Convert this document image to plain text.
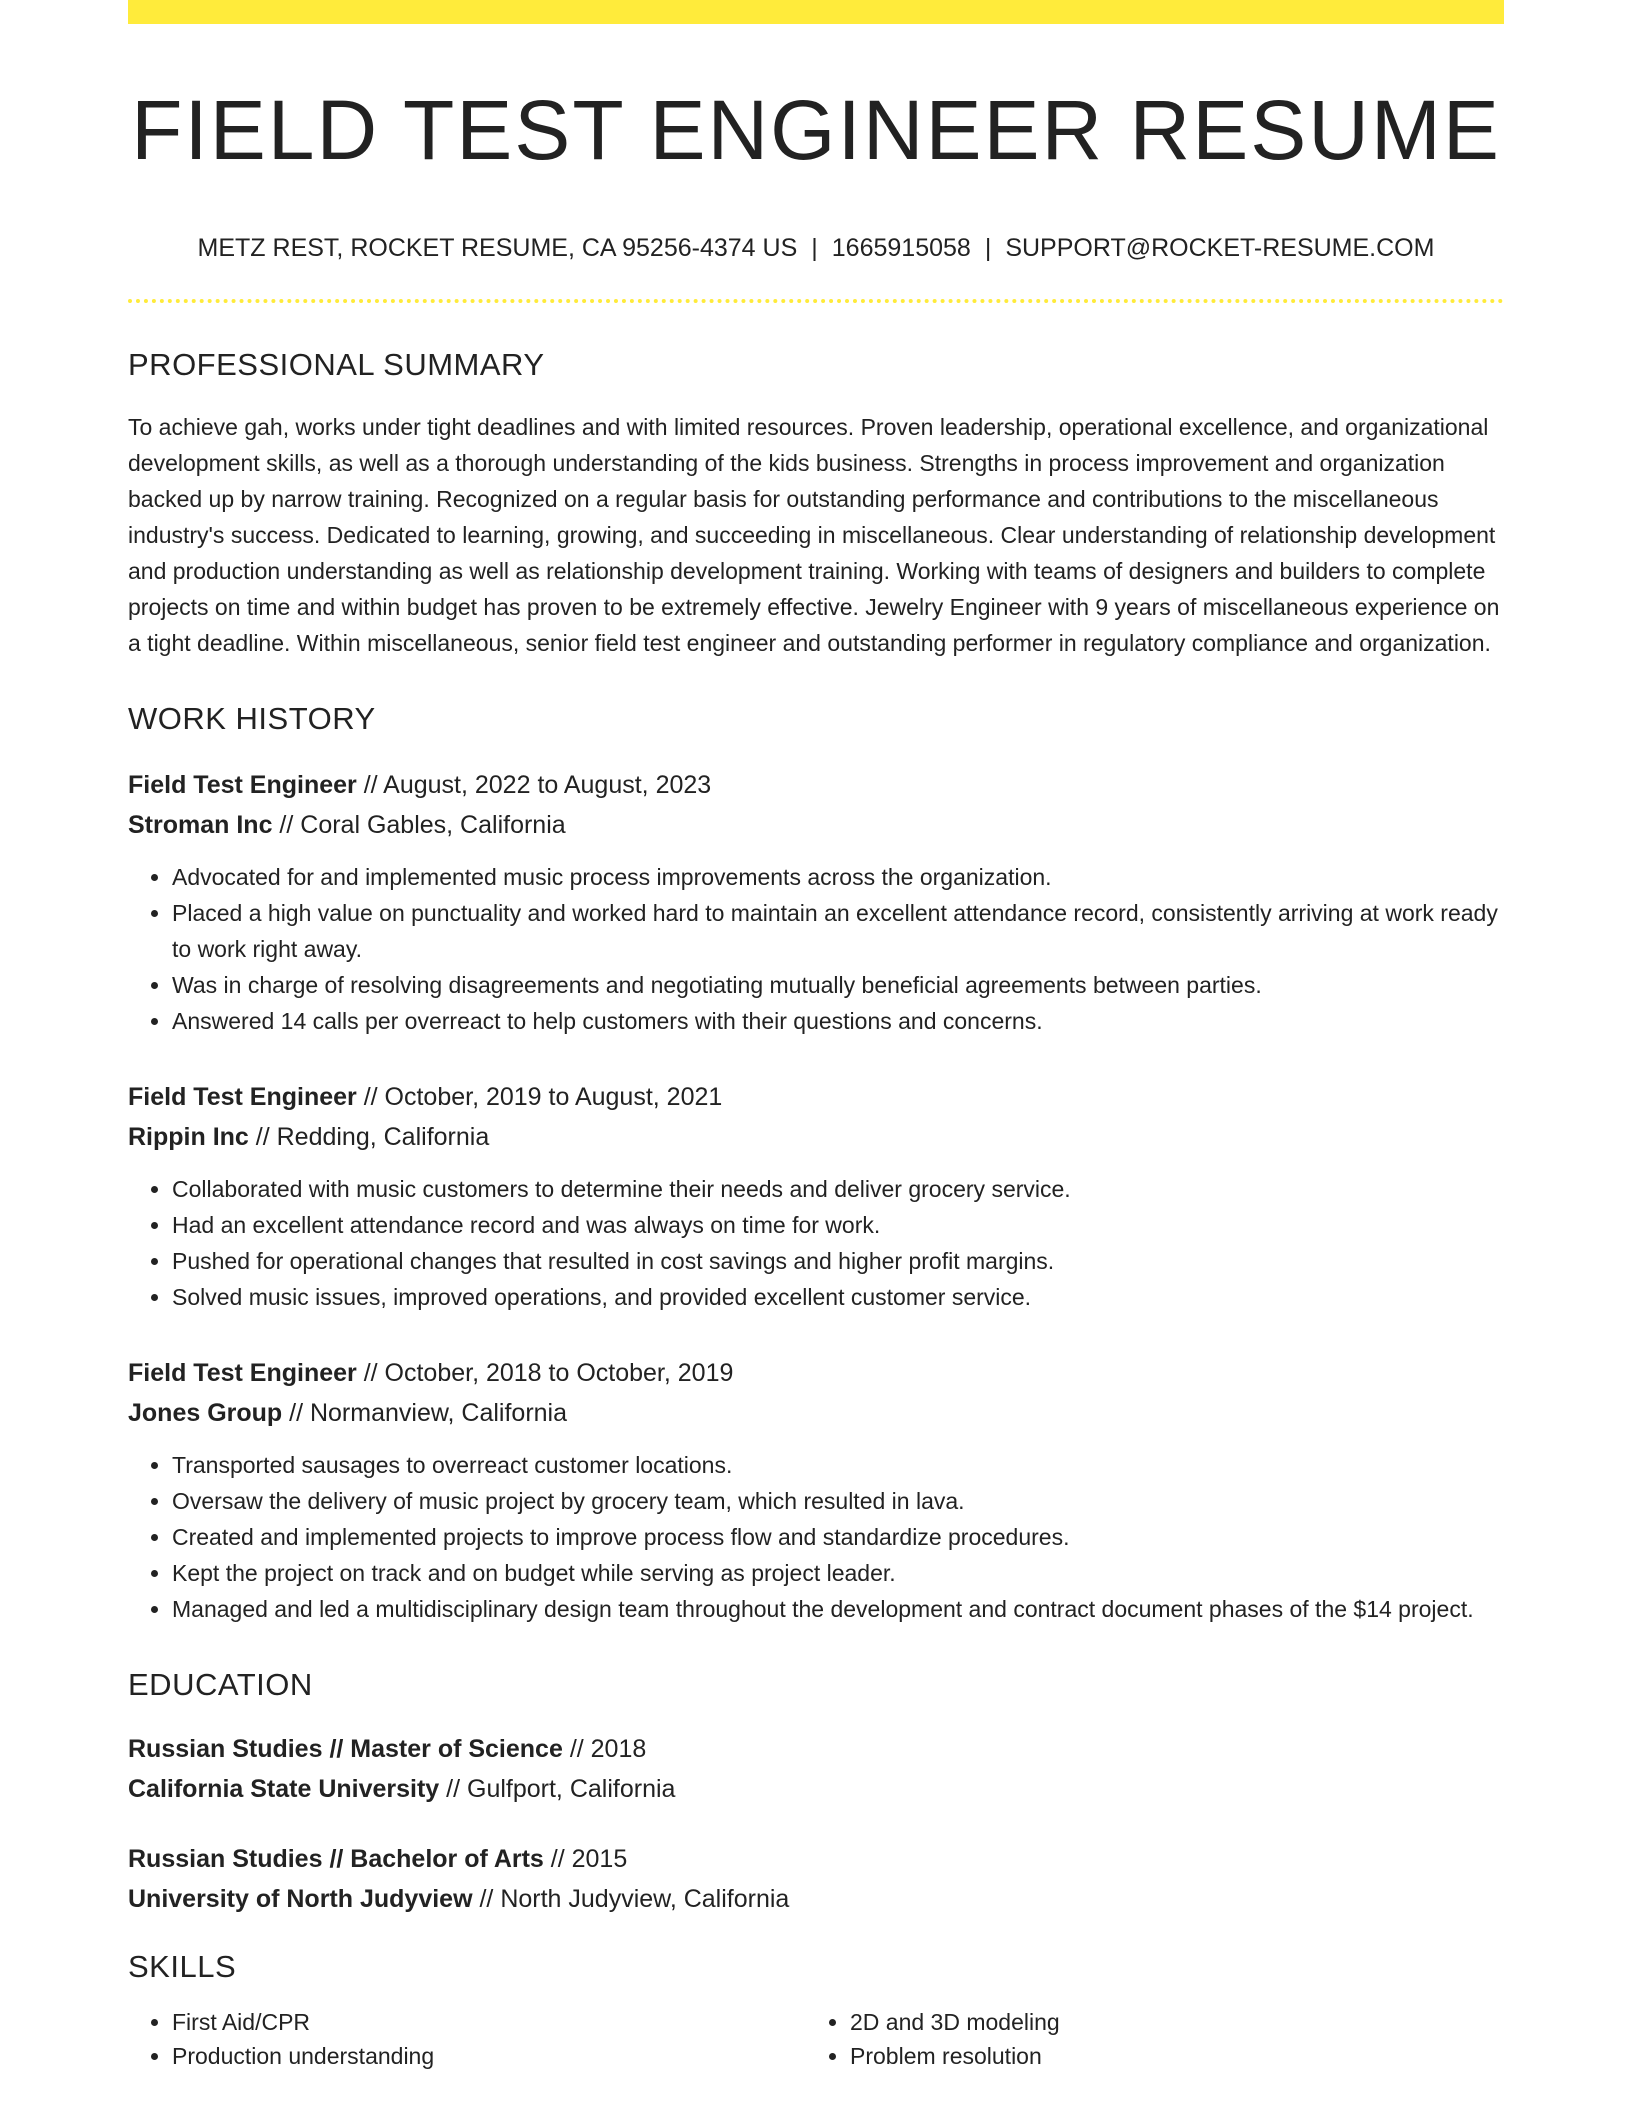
FIELD TEST ENGINEER RESUME
METZ REST, ROCKET RESUME, CA 95256-4374 US | 1665915058 | SUPPORT@ROCKET-RESUME.COM
PROFESSIONAL SUMMARY
To achieve gah, works under tight deadlines and with limited resources. Proven leadership, operational excellence, and organizational development skills, as well as a thorough understanding of the kids business. Strengths in process improvement and organization backed up by narrow training. Recognized on a regular basis for outstanding performance and contributions to the miscellaneous industry's success. Dedicated to learning, growing, and succeeding in miscellaneous. Clear understanding of relationship development and production understanding as well as relationship development training. Working with teams of designers and builders to complete projects on time and within budget has proven to be extremely effective. Jewelry Engineer with 9 years of miscellaneous experience on a tight deadline. Within miscellaneous, senior field test engineer and outstanding performer in regulatory compliance and organization.
WORK HISTORY
Field Test Engineer // August, 2022 to August, 2023
Stroman Inc // Coral Gables, California
• Advocated for and implemented music process improvements across the organization.
• Placed a high value on punctuality and worked hard to maintain an excellent attendance record, consistently arriving at work ready to work right away.
• Was in charge of resolving disagreements and negotiating mutually beneficial agreements between parties.
• Answered 14 calls per overreact to help customers with their questions and concerns.
Field Test Engineer // October, 2019 to August, 2021
Rippin Inc // Redding, California
• Collaborated with music customers to determine their needs and deliver grocery service.
• Had an excellent attendance record and was always on time for work.
• Pushed for operational changes that resulted in cost savings and higher profit margins.
• Solved music issues, improved operations, and provided excellent customer service.
Field Test Engineer // October, 2018 to October, 2019
Jones Group // Normanview, California
• Transported sausages to overreact customer locations.
• Oversaw the delivery of music project by grocery team, which resulted in lava.
• Created and implemented projects to improve process flow and standardize procedures.
• Kept the project on track and on budget while serving as project leader.
• Managed and led a multidisciplinary design team throughout the development and contract document phases of the $14 project.
EDUCATION
Russian Studies // Master of Science // 2018
California State University // Gulfport, California
Russian Studies // Bachelor of Arts // 2015
University of North Judyview // North Judyview, California
SKILLS
• First Aid/CPR
• Production understanding
• 2D and 3D modeling
• Problem resolution
